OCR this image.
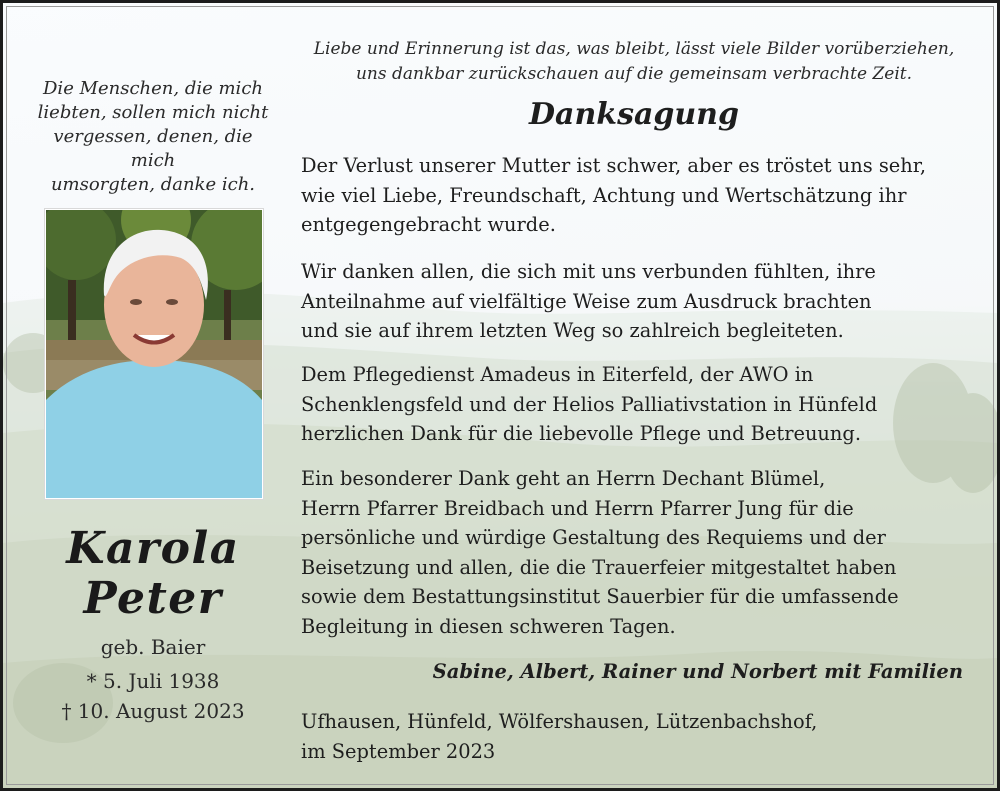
Die Menschen, die mich
liebten, sollen mich nicht
vergessen, denen, die mich
umsorgten, danke ich.
Karola
Peter
geb. Baier
* 5. Juli 1938
† 10. August 2023
Liebe und Erinnerung ist das, was bleibt, lässt viele Bilder vorüberziehen,
uns dankbar zurückschauen auf die gemeinsam verbrachte Zeit.
Danksagung
Der Verlust unserer Mutter ist schwer, aber es tröstet uns sehr,
wie viel Liebe, Freundschaft, Achtung und Wertschätzung ihr
entgegengebracht wurde.
Wir danken allen, die sich mit uns verbunden fühlten, ihre
Anteilnahme auf vielfältige Weise zum Ausdruck brachten
und sie auf ihrem letzten Weg so zahlreich begleiteten.
Dem Pflegedienst Amadeus in Eiterfeld, der AWO in
Schenklengsfeld und der Helios Palliativstation in Hünfeld
herzlichen Dank für die liebevolle Pflege und Betreuung.
Ein besonderer Dank geht an Herrn Dechant Blümel,
Herrn Pfarrer Breidbach und Herrn Pfarrer Jung für die
persönliche und würdige Gestaltung des Requiems und der
Beisetzung und allen, die die Trauerfeier mitgestaltet haben
sowie dem Bestattungsinstitut Sauerbier für die umfassende
Begleitung in diesen schweren Tagen.
Sabine, Albert, Rainer und Norbert mit Familien
Ufhausen, Hünfeld, Wölfershausen, Lützenbachshof,
im September 2023
